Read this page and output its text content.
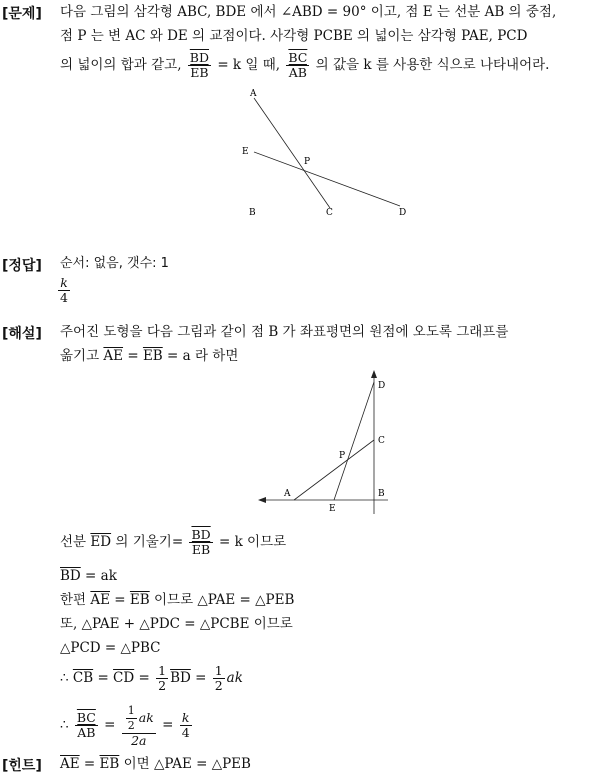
[문제] 다음 그림의 삼각형 ABC, BDE 에서 ∠ABD = 90° 이고, 점 E 는 선분 AB 의 중점,
점 P 는 변 AC 와 DE 의 교점이다. 사각형 PCBE 의 넓이는 삼각형 PAE, PCD
의 넓이의 합과 같고, $\frac{\overline{BD}}{EB} = k$ 일 때, $\frac{\overline{BC}}{AB}$ 의 값을 k 를 사용한 식으로 나타내어라.
A
E
P
B	C	D
[정답] 순서: 없음, 갯수: 1
$\frac{k}{4}$
[해설] 주어진 도형을 다음 그림과 같이 점 B 가 좌표평면의 원점에 오도록 그래프를
옮기고 $\overline{AE} = \overline{EB} = a$ 라 하면
D
C
P
A	B
E
선분 $\overline{ED}$ 의 기울기= $\frac{\overline{BD}}{EB} = k$ 이므로
$\overline{BD}$ = ak
한편 $\overline{AE} = \overline{EB}$ 이므로 △PAE = △PEB
또, △PAE + △PDC = △PCBE 이므로
△PCD = △PBC
∴ $\overline{CB} = \overline{CD} = \frac{1}{2} \overline{BD} = \frac{1}{2}$ ak
∴ $\frac{\overline{BC}}{AB} = \frac{\frac{1}{2} ak}{2a} = \frac{k}{4}$
[힌트] $\overline{AE} = \overline{EB}$ 이면 △PAE = △PEB
